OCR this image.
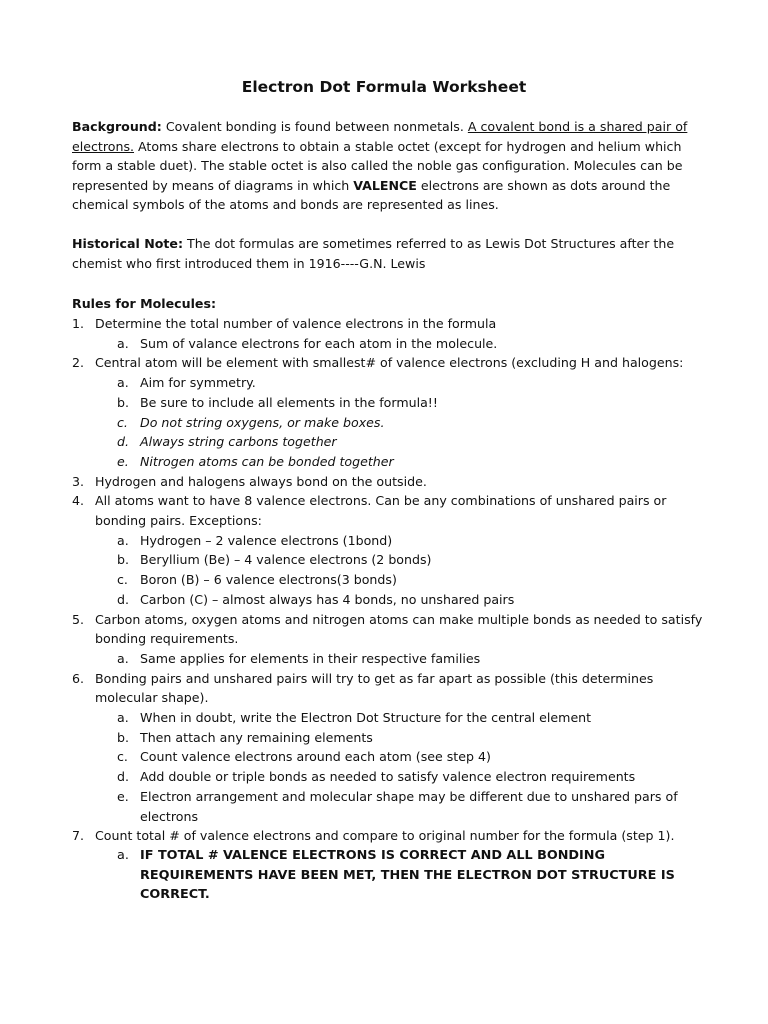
Electron Dot Formula Worksheet
Background: Covalent bonding is found between nonmetals. A covalent bond is a shared pair of electrons. Atoms share electrons to obtain a stable octet (except for hydrogen and helium which form a stable duet). The stable octet is also called the noble gas configuration. Molecules can be represented by means of diagrams in which VALENCE electrons are shown as dots around the chemical symbols of the atoms and bonds are represented as lines.
Historical Note: The dot formulas are sometimes referred to as Lewis Dot Structures after the chemist who first introduced them in 1916----G.N. Lewis
Rules for Molecules:
1. Determine the total number of valence electrons in the formula
a. Sum of valance electrons for each atom in the molecule.
2. Central atom will be element with smallest# of valence electrons (excluding H and halogens:
a. Aim for symmetry.
b. Be sure to include all elements in the formula!!
c. Do not string oxygens, or make boxes.
d. Always string carbons together
e. Nitrogen atoms can be bonded together
3. Hydrogen and halogens always bond on the outside.
4. All atoms want to have 8 valence electrons. Can be any combinations of unshared pairs or bonding pairs. Exceptions:
a. Hydrogen – 2 valence electrons (1bond)
b. Beryllium (Be) – 4 valence electrons (2 bonds)
c. Boron (B) – 6 valence electrons(3 bonds)
d. Carbon (C) – almost always has 4 bonds, no unshared pairs
5. Carbon atoms, oxygen atoms and nitrogen atoms can make multiple bonds as needed to satisfy bonding requirements.
a. Same applies for elements in their respective families
6. Bonding pairs and unshared pairs will try to get as far apart as possible (this determines molecular shape).
a. When in doubt, write the Electron Dot Structure for the central element
b. Then attach any remaining elements
c. Count valence electrons around each atom (see step 4)
d. Add double or triple bonds as needed to satisfy valence electron requirements
e. Electron arrangement and molecular shape may be different due to unshared pars of electrons
7. Count total # of valence electrons and compare to original number for the formula (step 1).
a. IF TOTAL # VALENCE ELECTRONS IS CORRECT AND ALL BONDING REQUIREMENTS HAVE BEEN MET, THEN THE ELECTRON DOT STRUCTURE IS CORRECT.
